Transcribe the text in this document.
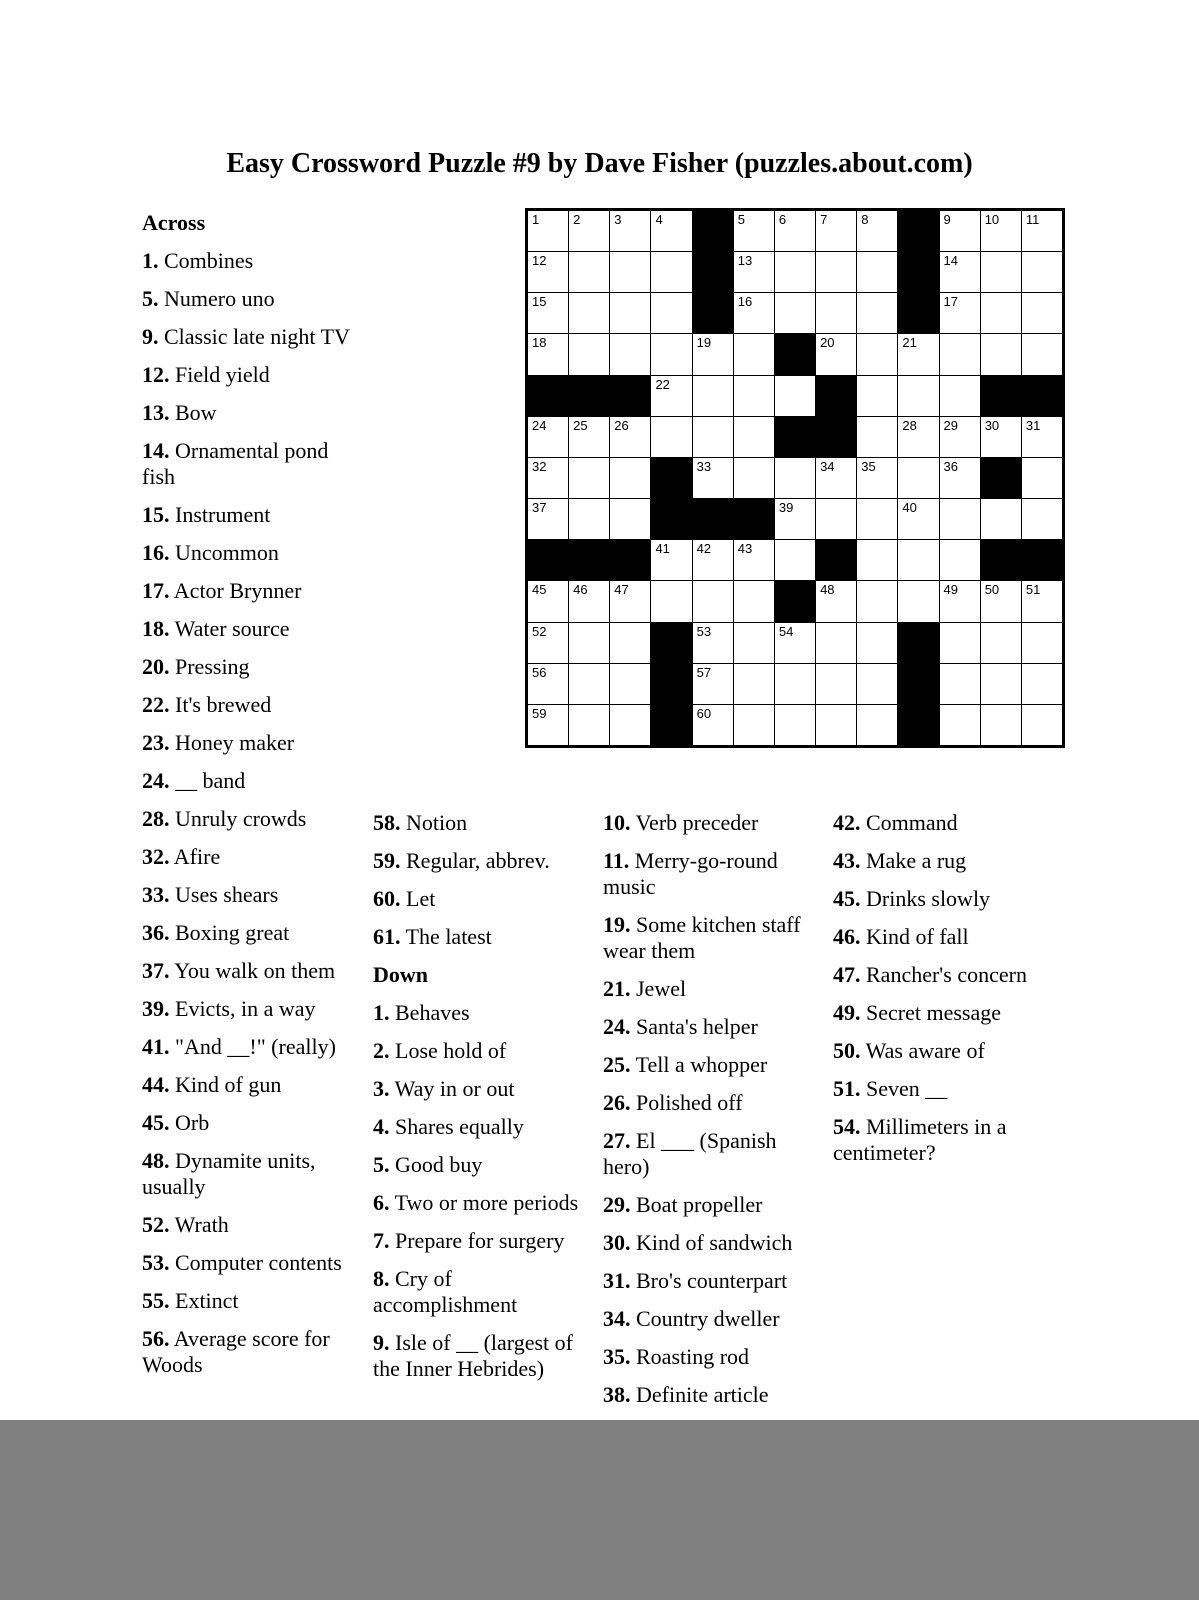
Easy Crossword Puzzle #9 by Dave Fisher (puzzles.about.com)
1	2	3	4	5	6	7	8	9	10 11
12	13	14
15	16	17
18	19	20	21
22
24 25 26	28 29 30 31
32	33	34 35	36
37	39	40
41 42 43
45 46 47	48	49 50 51
52	53	54
56	57
59	60
Across
1. Combines
5. Numero uno
9. Classic late night TV
12. Field yield
13. Bow
14. Ornamental pond fish
15. Instrument
16. Uncommon
17. Actor Brynner
18. Water source
20. Pressing
22. It's brewed
23. Honey maker
24. __ band
28. Unruly crowds
32. Afire
33. Uses shears
36. Boxing great
37. You walk on them
39. Evicts, in a way
41. "And __!" (really)
44. Kind of gun
45. Orb
48. Dynamite units, usually
52. Wrath
53. Computer contents
55. Extinct
56. Average score for Woods
58. Notion
59. Regular, abbrev.
60. Let
61. The latest
Down
1. Behaves
2. Lose hold of
3. Way in or out
4. Shares equally
5. Good buy
6. Two or more periods
7. Prepare for surgery
8. Cry of accomplishment
9. Isle of __ (largest of the Inner Hebrides)
10. Verb preceder
11. Merry-go-round music
19. Some kitchen staff wear them
21. Jewel
24. Santa's helper
25. Tell a whopper
26. Polished off
27. El ___ (Spanish hero)
29. Boat propeller
30. Kind of sandwich
31. Bro's counterpart
34. Country dweller
35. Roasting rod
38. Definite article
42. Command
43. Make a rug
45. Drinks slowly
46. Kind of fall
47. Rancher's concern
49. Secret message
50. Was aware of
51. Seven __
54. Millimeters in a centimeter?
